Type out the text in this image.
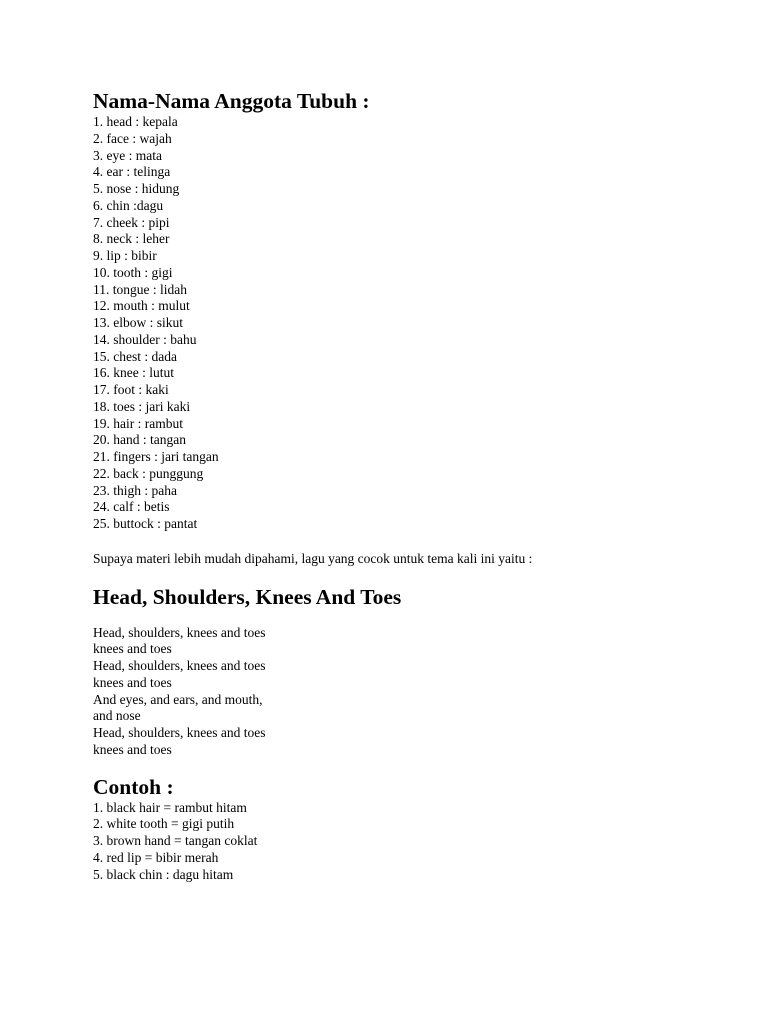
Nama-Nama Anggota Tubuh :
1. head : kepala
2. face : wajah
3. eye : mata
4. ear : telinga
5. nose : hidung
6. chin :dagu
7. cheek : pipi
8. neck : leher
9. lip : bibir
10. tooth : gigi
11. tongue : lidah
12. mouth : mulut
13. elbow : sikut
14. shoulder : bahu
15. chest : dada
16. knee : lutut
17. foot : kaki
18. toes : jari kaki
19. hair : rambut
20. hand : tangan
21. fingers : jari tangan
22. back : punggung
23. thigh : paha
24. calf : betis
25. buttock : pantat

Supaya materi lebih mudah dipahami, lagu yang cocok untuk tema kali ini yaitu :

Head, Shoulders, Knees And Toes
Head, shoulders, knees and toes
knees and toes
Head, shoulders, knees and toes
knees and toes
And eyes, and ears, and mouth,
and nose
Head, shoulders, knees and toes
knees and toes
Contoh :
1. black hair = rambut hitam
2. white tooth = gigi putih
3. brown hand = tangan coklat
4. red lip = bibir merah
5. black chin : dagu hitam
